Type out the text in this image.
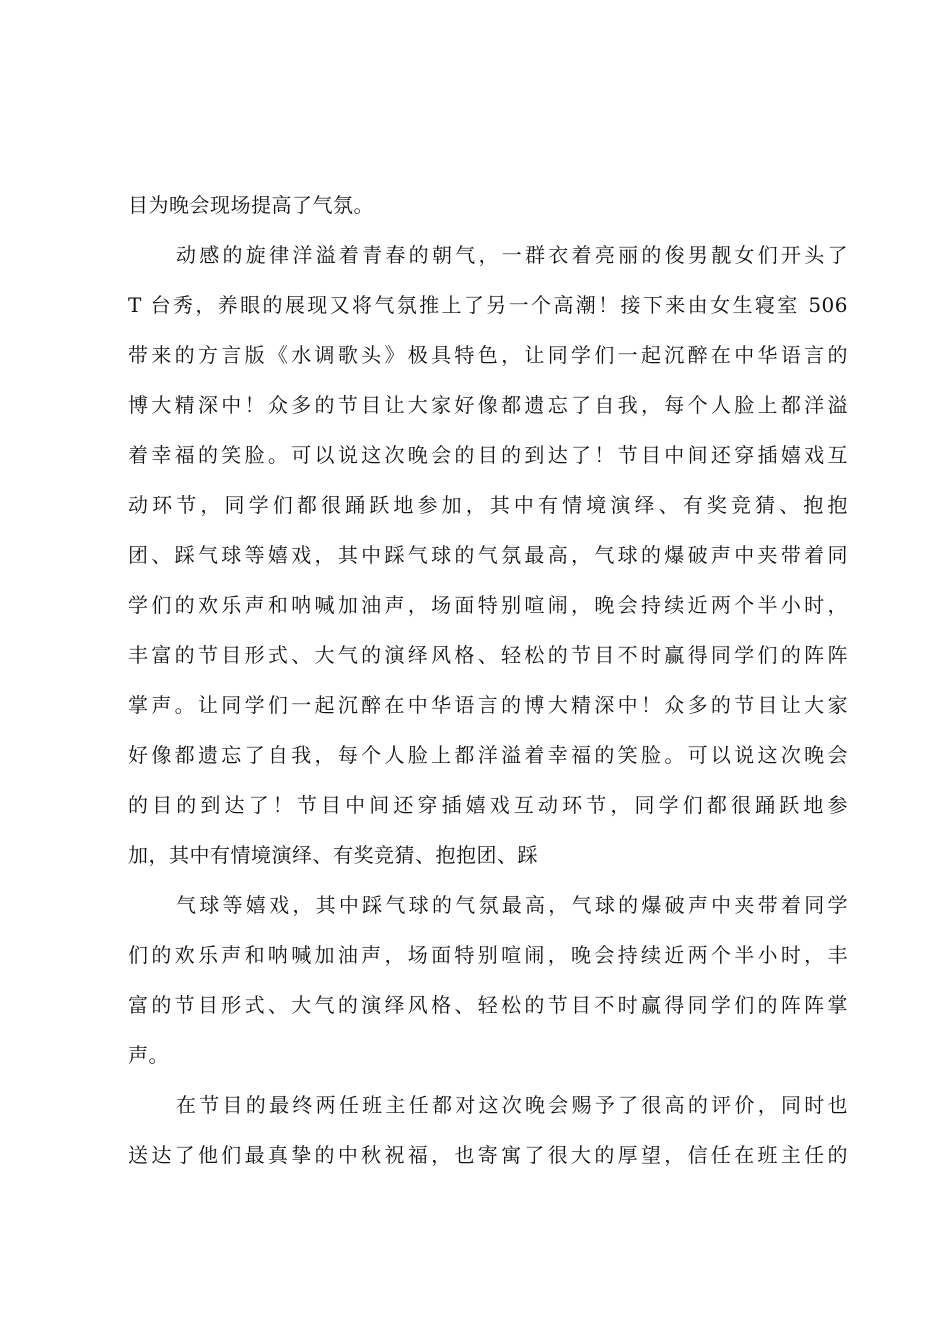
目为晚会现场提高了气氛。
动感的旋律洋溢着青春的朝气，一群衣着亮丽的俊男靓女们开头了
T 台秀，养眼的展现又将气氛推上了另一个高潮！接下来由女生寝室 506
带来的方言版《水调歌头》极具特色，让同学们一起沉醉在中华语言的
博大精深中！众多的节目让大家好像都遗忘了自我，每个人脸上都洋溢
着幸福的笑脸。可以说这次晚会的目的到达了！节目中间还穿插嬉戏互
动环节，同学们都很踊跃地参加，其中有情境演绎、有奖竞猜、抱抱
团、踩气球等嬉戏，其中踩气球的气氛最高，气球的爆破声中夹带着同
学们的欢乐声和呐喊加油声，场面特别喧闹，晚会持续近两个半小时，
丰富的节目形式、大气的演绎风格、轻松的节目不时赢得同学们的阵阵
掌声。让同学们一起沉醉在中华语言的博大精深中！众多的节目让大家
好像都遗忘了自我，每个人脸上都洋溢着幸福的笑脸。可以说这次晚会
的目的到达了！节目中间还穿插嬉戏互动环节，同学们都很踊跃地参
加，其中有情境演绎、有奖竞猜、抱抱团、踩
气球等嬉戏，其中踩气球的气氛最高，气球的爆破声中夹带着同学
们的欢乐声和呐喊加油声，场面特别喧闹，晚会持续近两个半小时，丰
富的节目形式、大气的演绎风格、轻松的节目不时赢得同学们的阵阵掌
声。
在节目的最终两任班主任都对这次晚会赐予了很高的评价，同时也
送达了他们最真挚的中秋祝福，也寄寓了很大的厚望，信任在班主任的
